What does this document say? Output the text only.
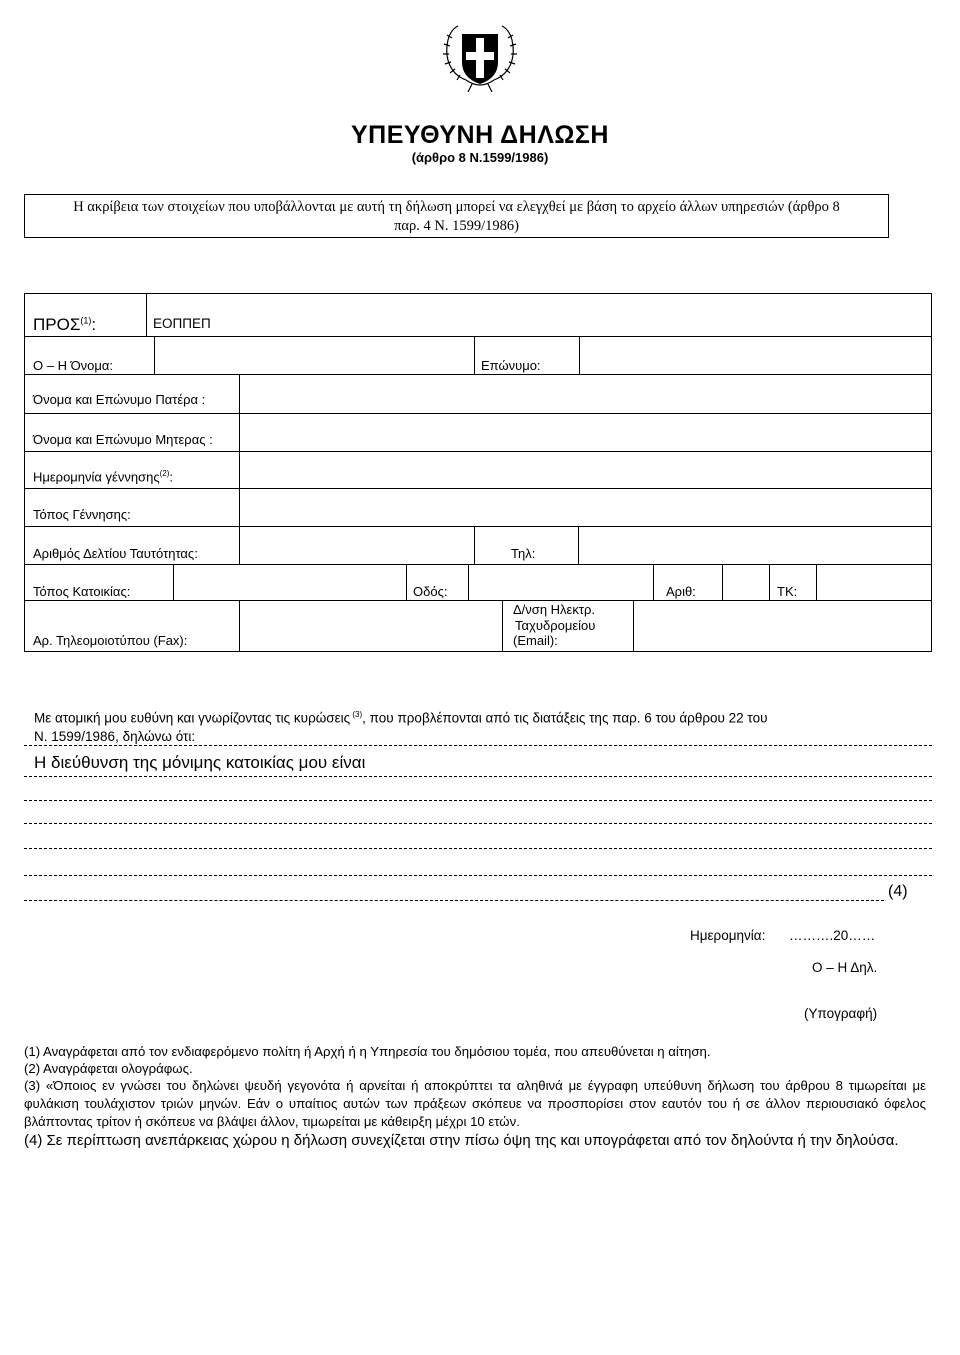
ΥΠΕΥΘΥΝΗ ΔΗΛΩΣΗ
(άρθρο 8 Ν.1599/1986)
Η ακρίβεια των στοιχείων που υποβάλλονται με αυτή τη δήλωση μπορεί να ελεγχθεί με βάση το αρχείο άλλων υπηρεσιών (άρθρο 8
παρ. 4 Ν. 1599/1986)
ΠΡΟΣ$^{(1)}$:	ΕΟΠΠΕΠ
Ο – Η Όνομα:	Επώνυμο:
Όνομα και Επώνυμο Πατέρα :
Όνομα και Επώνυμο Μητερας :
Ημερομηνία γέννησης$^{(2)}$:
Τόπος Γέννησης:
Αριθμός Δελτίου Ταυτότητας:	Τηλ:
Τόπος Κατοικίας:	Οδός:	Αριθ:	ΤΚ:
Αρ. Τηλεομοιοτύπου (Fax):
Δ/νση Ηλεκτρ.
Ταχυδρομείου
(Email):
Με ατομική μου ευθύνη και γνωρίζοντας τις κυρώσεις $^{(3)}$, που προβλέπονται από τις διατάξεις της παρ. 6 του άρθρου 22 του
Ν. 1599/1986, δηλώνω ότι:
Η διεύθυνση της μόνιμης κατοικίας μου είναι
(4)
Ημερομηνία: ……….20……
Ο – Η Δηλ.
(Υπογραφή)
(1) Αναγράφεται από τον ενδιαφερόμενο πολίτη ή Αρχή ή η Υπηρεσία του δημόσιου τομέα, που απευθύνεται η αίτηση.
(2) Αναγράφεται ολογράφως.
(3) «Όποιος εν γνώσει του δηλώνει ψευδή γεγονότα ή αρνείται ή αποκρύπτει τα αληθινά με έγγραφη υπεύθυνη δήλωση του άρθρου 8 τιμωρείται με φυλάκιση τουλάχιστον τριών μηνών. Εάν ο υπαίτιος αυτών των πράξεων σκόπευε να προσπορίσει στον εαυτόν του ή σε άλλον περιουσιακό όφελος βλάπτοντας τρίτον ή σκόπευε να βλάψει άλλον, τιμωρείται με κάθειρξη μέχρι 10 ετών.
(4) Σε περίπτωση ανεπάρκειας χώρου η δήλωση συνεχίζεται στην πίσω όψη της και υπογράφεται από τον δηλούντα ή την δηλούσα.
